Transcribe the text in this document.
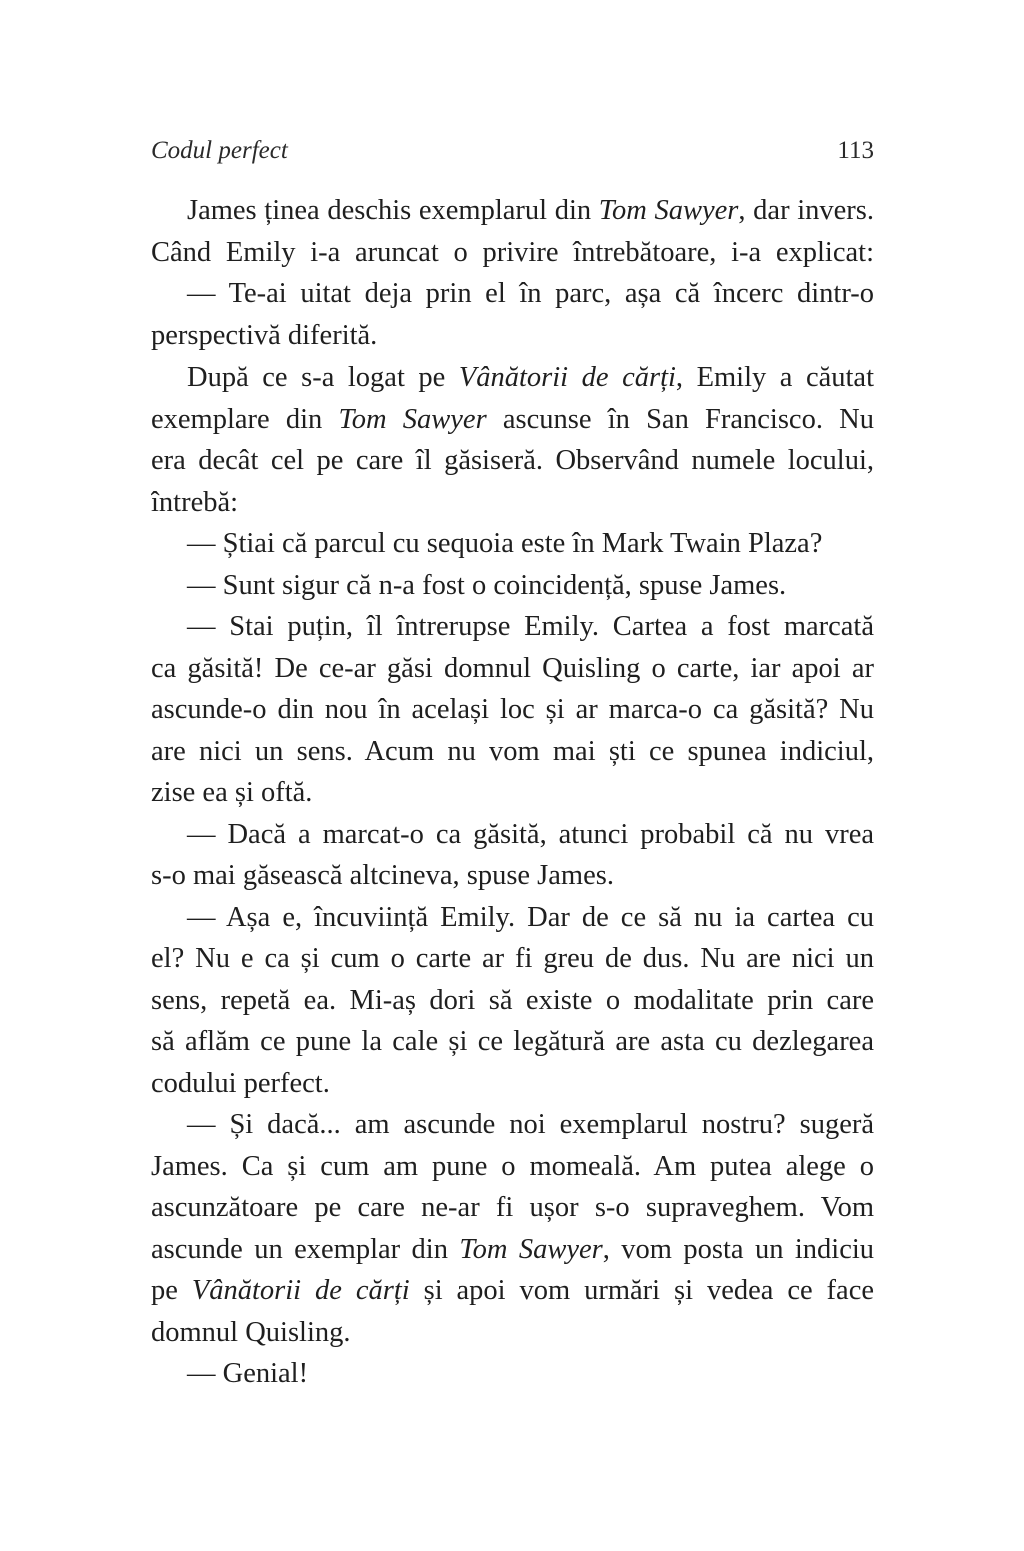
Codul perfect	113
James ținea deschis exemplarul din Tom Sawyer, dar invers.
Când Emily i-a aruncat o privire întrebătoare, i-a explicat:
— Te-ai uitat deja prin el în parc, așa că încerc dintr-o
perspectivă diferită.
După ce s-a logat pe Vânătorii de cărți, Emily a căutat
exemplare din Tom Sawyer ascunse în San Francisco. Nu
era decât cel pe care îl găsiseră. Observând numele locului,
întrebă:
— Știai că parcul cu sequoia este în Mark Twain Plaza?
— Sunt sigur că n-a fost o coincidență, spuse James.
— Stai puțin, îl întrerupse Emily. Cartea a fost marcată
ca găsită! De ce-ar găsi domnul Quisling o carte, iar apoi ar
ascunde-o din nou în același loc și ar marca-o ca găsită? Nu
are nici un sens. Acum nu vom mai ști ce spunea indiciul,
zise ea și oftă.
— Dacă a marcat-o ca găsită, atunci probabil că nu vrea
s-o mai găsească altcineva, spuse James.
— Așa e, încuviință Emily. Dar de ce să nu ia cartea cu
el? Nu e ca și cum o carte ar fi greu de dus. Nu are nici un
sens, repetă ea. Mi-aș dori să existe o modalitate prin care
să aflăm ce pune la cale și ce legătură are asta cu dezlegarea
codului perfect.
— Și dacă... am ascunde noi exemplarul nostru? sugeră
James. Ca și cum am pune o momeală. Am putea alege o
ascunzătoare pe care ne-ar fi ușor s-o supraveghem. Vom
ascunde un exemplar din Tom Sawyer, vom posta un indiciu
pe Vânătorii de cărți și apoi vom urmări și vedea ce face
domnul Quisling.
— Genial!
